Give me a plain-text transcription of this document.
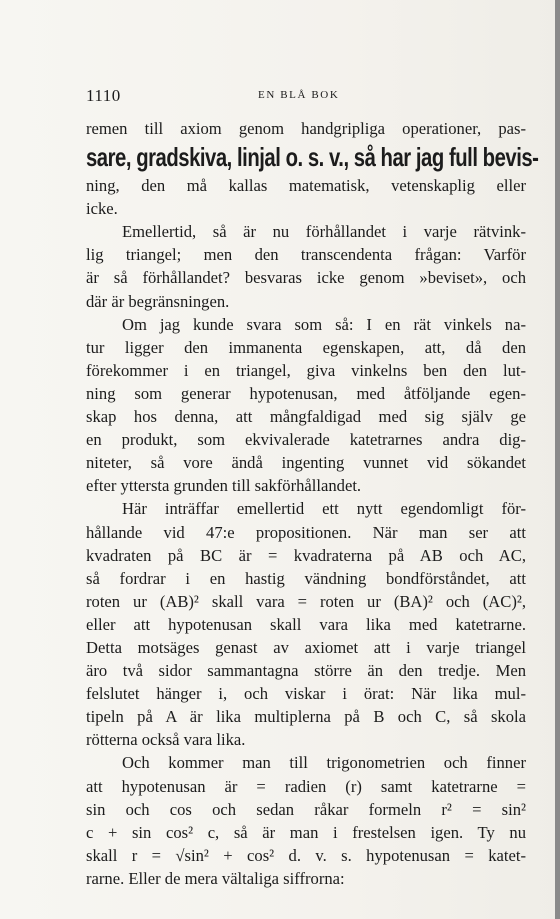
1110	EN BLÅ BOK
remen till axiom genom handgripliga operationer, pas-
sare, gradskiva, linjal o. s. v., så har jag full bevis-
ning, den må kallas matematisk, vetenskaplig eller
icke.
Emellertid, så är nu förhållandet i varje rätvink-
lig triangel; men den transcendenta frågan: Varför
är så förhållandet? besvaras icke genom »beviset», och
där är begränsningen.
Om jag kunde svara som så: I en rät vinkels na-
tur ligger den immanenta egenskapen, att, då den
förekommer i en triangel, giva vinkelns ben den lut-
ning som generar hypotenusan, med åtföljande egen-
skap hos denna, att mångfaldigad med sig själv ge
en produkt, som ekvivalerade katetrarnes andra dig-
niteter, så vore ändå ingenting vunnet vid sökandet
efter yttersta grunden till sakförhållandet.
Här inträffar emellertid ett nytt egendomligt för-
hållande vid 47:e propositionen. När man ser att
kvadraten på BC är = kvadraterna på AB och AC,
så fordrar i en hastig vändning bondförståndet, att
roten ur (AB)² skall vara = roten ur (BA)² och (AC)²,
eller att hypotenusan skall vara lika med katetrarne.
Detta motsäges genast av axiomet att i varje triangel
äro två sidor sammantagna större än den tredje. Men
felslutet hänger i, och viskar i örat: När lika mul-
tipeln på A är lika multiplerna på B och C, så skola
rötterna också vara lika.
Och kommer man till trigonometrien och finner
att hypotenusan är = radien (r) samt katetrarne =
sin och cos och sedan råkar formeln r² = sin²
c + sin cos² c, så är man i frestelsen igen. Ty nu
skall r = √sin² + cos² d. v. s. hypotenusan = katet-
rarne. Eller de mera vältaliga siffrorna:
